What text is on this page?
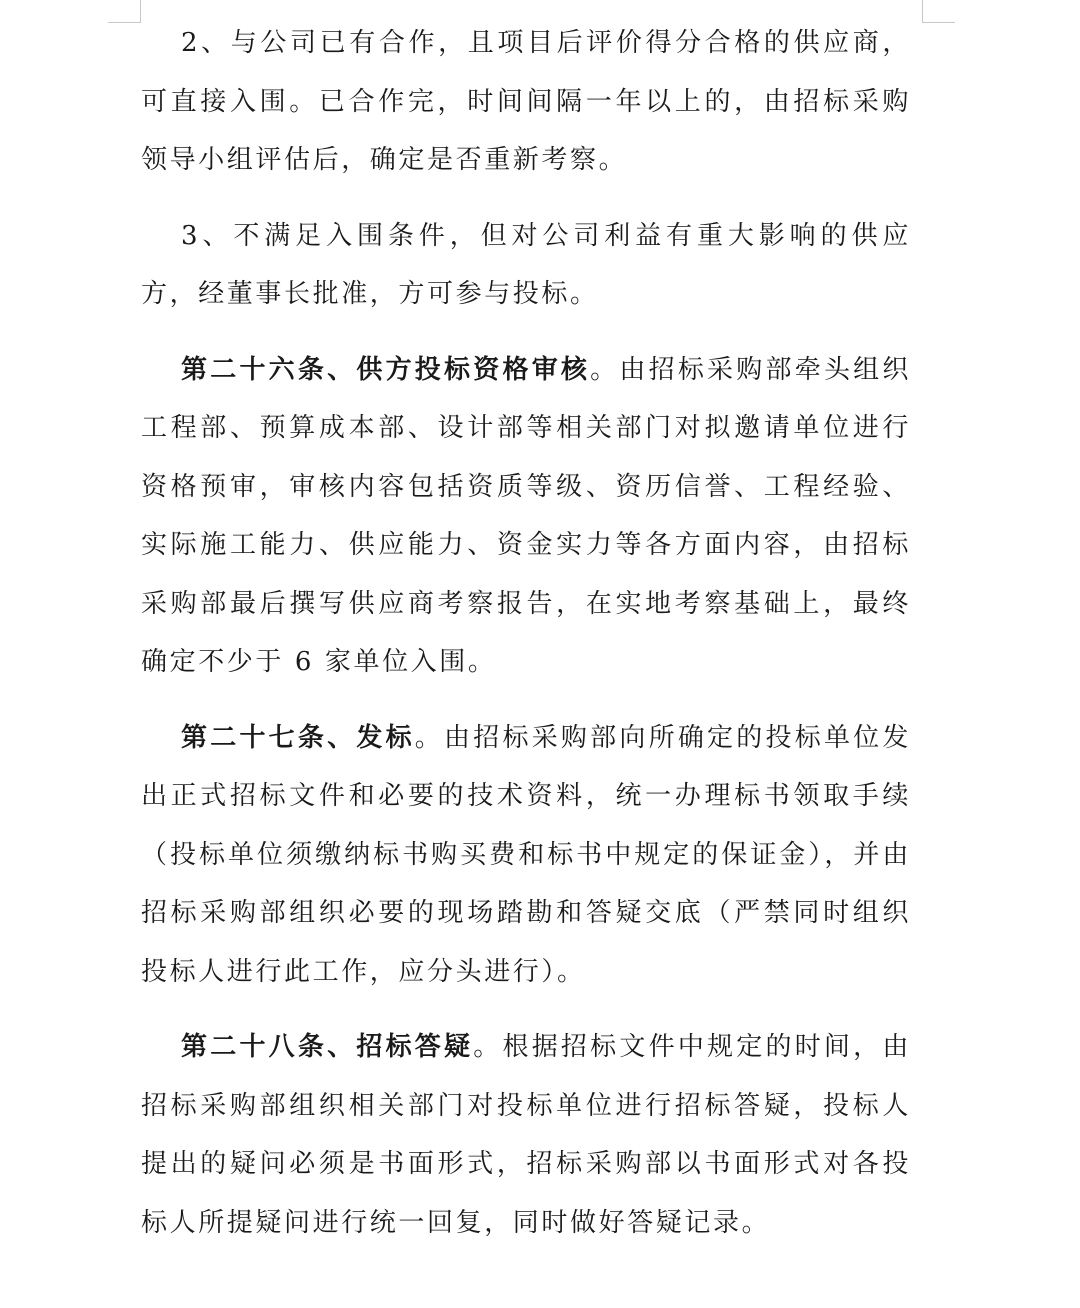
2、与公司已有合作，且项目后评价得分合格的供应商，可直接入围。已合作完，时间间隔一年以上的，由招标采购领导小组评估后，确定是否重新考察。

3、不满足入围条件，但对公司利益有重大影响的供应方，经董事长批准，方可参与投标。

第二十六条、供方投标资格审核。由招标采购部牵头组织工程部、预算成本部、设计部等相关部门对拟邀请单位进行资格预审，审核内容包括资质等级、资历信誉、工程经验、实际施工能力、供应能力、资金实力等各方面内容，由招标采购部最后撰写供应商考察报告，在实地考察基础上，最终确定不少于 6 家单位入围。

第二十七条、发标。由招标采购部向所确定的投标单位发出正式招标文件和必要的技术资料，统一办理标书领取手续（投标单位须缴纳标书购买费和标书中规定的保证金），并由招标采购部组织必要的现场踏勘和答疑交底（严禁同时组织投标人进行此工作，应分头进行）。

第二十八条、招标答疑。根据招标文件中规定的时间，由招标采购部组织相关部门对投标单位进行招标答疑，投标人提出的疑问必须是书面形式，招标采购部以书面形式对各投标人所提疑问进行统一回复，同时做好答疑记录。
